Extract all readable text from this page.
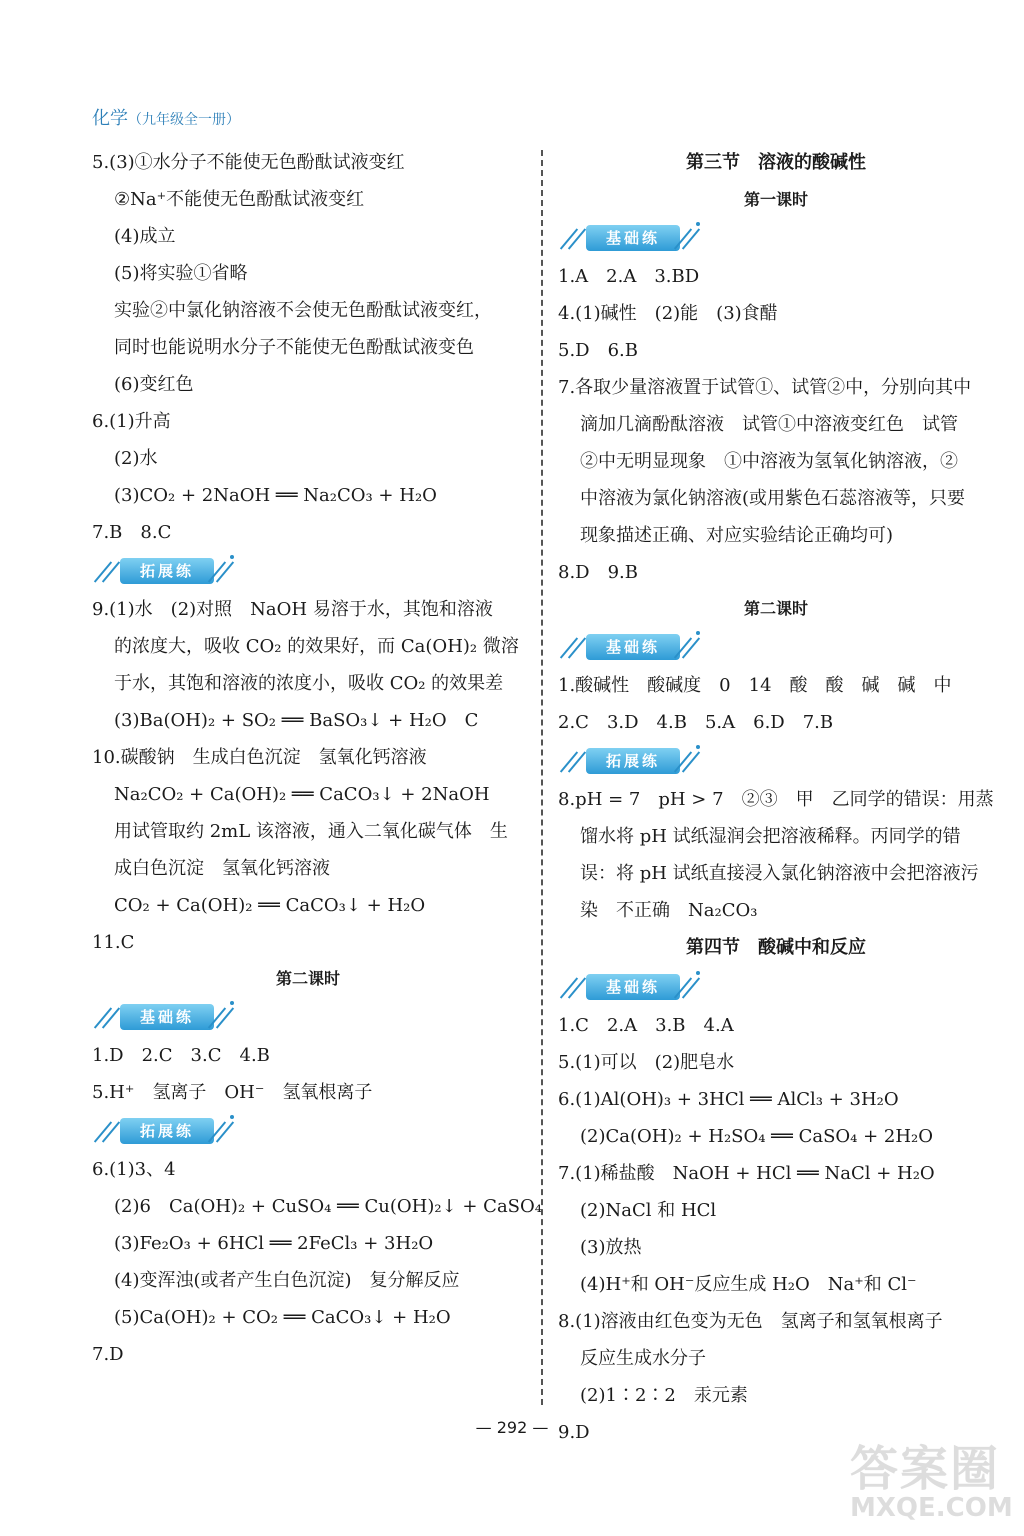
化学（九年级全一册）
5.(3)①水分子不能使无色酚酞试液变红
②Na⁺不能使无色酚酞试液变红
(4)成立
(5)将实验①省略
实验②中氯化钠溶液不会使无色酚酞试液变红，
同时也能说明水分子不能使无色酚酞试液变色
(6)变红色
6.(1)升高
(2)水
(3)CO₂ + 2NaOH ══ Na₂CO₃ + H₂O
7.B　8.C
拓展练
9.(1)水　(2)对照　NaOH 易溶于水，其饱和溶液
的浓度大，吸收 CO₂ 的效果好，而 Ca(OH)₂ 微溶
于水，其饱和溶液的浓度小，吸收 CO₂ 的效果差
(3)Ba(OH)₂ + SO₂ ══ BaSO₃↓ + H₂O　C
10.碳酸钠　生成白色沉淀　氢氧化钙溶液
Na₂CO₂ + Ca(OH)₂ ══ CaCO₃↓ + 2NaOH
用试管取约 2mL 该溶液，通入二氧化碳气体　生
成白色沉淀　氢氧化钙溶液
CO₂ + Ca(OH)₂ ══ CaCO₃↓ + H₂O
11.C
第二课时
基础练
1.D　2.C　3.C　4.B
5.H⁺　氢离子　OH⁻　氢氧根离子
拓展练
6.(1)3、4
(2)6　Ca(OH)₂ + CuSO₄ ══ Cu(OH)₂↓ + CaSO₄
(3)Fe₂O₃ + 6HCl ══ 2FeCl₃ + 3H₂O
(4)变浑浊(或者产生白色沉淀)　复分解反应
(5)Ca(OH)₂ + CO₂ ══ CaCO₃↓ + H₂O
7.D
第三节　溶液的酸碱性
第一课时
基础练
1.A　2.A　3.BD
4.(1)碱性　(2)能　(3)食醋
5.D　6.B
7.各取少量溶液置于试管①、试管②中，分别向其中
滴加几滴酚酞溶液　试管①中溶液变红色　试管
②中无明显现象　①中溶液为氢氧化钠溶液，②
中溶液为氯化钠溶液(或用紫色石蕊溶液等，只要
现象描述正确、对应实验结论正确均可)
8.D　9.B
第二课时
基础练
1.酸碱性　酸碱度　0　14　酸　酸　碱　碱　中
2.C　3.D　4.B　5.A　6.D　7.B
拓展练
8.pH = 7　pH > 7　②③　甲　乙同学的错误：用蒸
馏水将 pH 试纸湿润会把溶液稀释。丙同学的错
误：将 pH 试纸直接浸入氯化钠溶液中会把溶液污
染　不正确　Na₂CO₃
第四节　酸碱中和反应
基础练
1.C　2.A　3.B　4.A
5.(1)可以　(2)肥皂水
6.(1)Al(OH)₃ + 3HCl ══ AlCl₃ + 3H₂O
(2)Ca(OH)₂ + H₂SO₄ ══ CaSO₄ + 2H₂O
7.(1)稀盐酸　NaOH + HCl ══ NaCl + H₂O
(2)NaCl 和 HCl
(3)放热
(4)H⁺和 OH⁻反应生成 H₂O　Na⁺和 Cl⁻
8.(1)溶液由红色变为无色　氢离子和氢氧根离子
反应生成水分子
(2)1∶2∶2　汞元素
9.D
— 292 —
答案圈
MXQE.COM
